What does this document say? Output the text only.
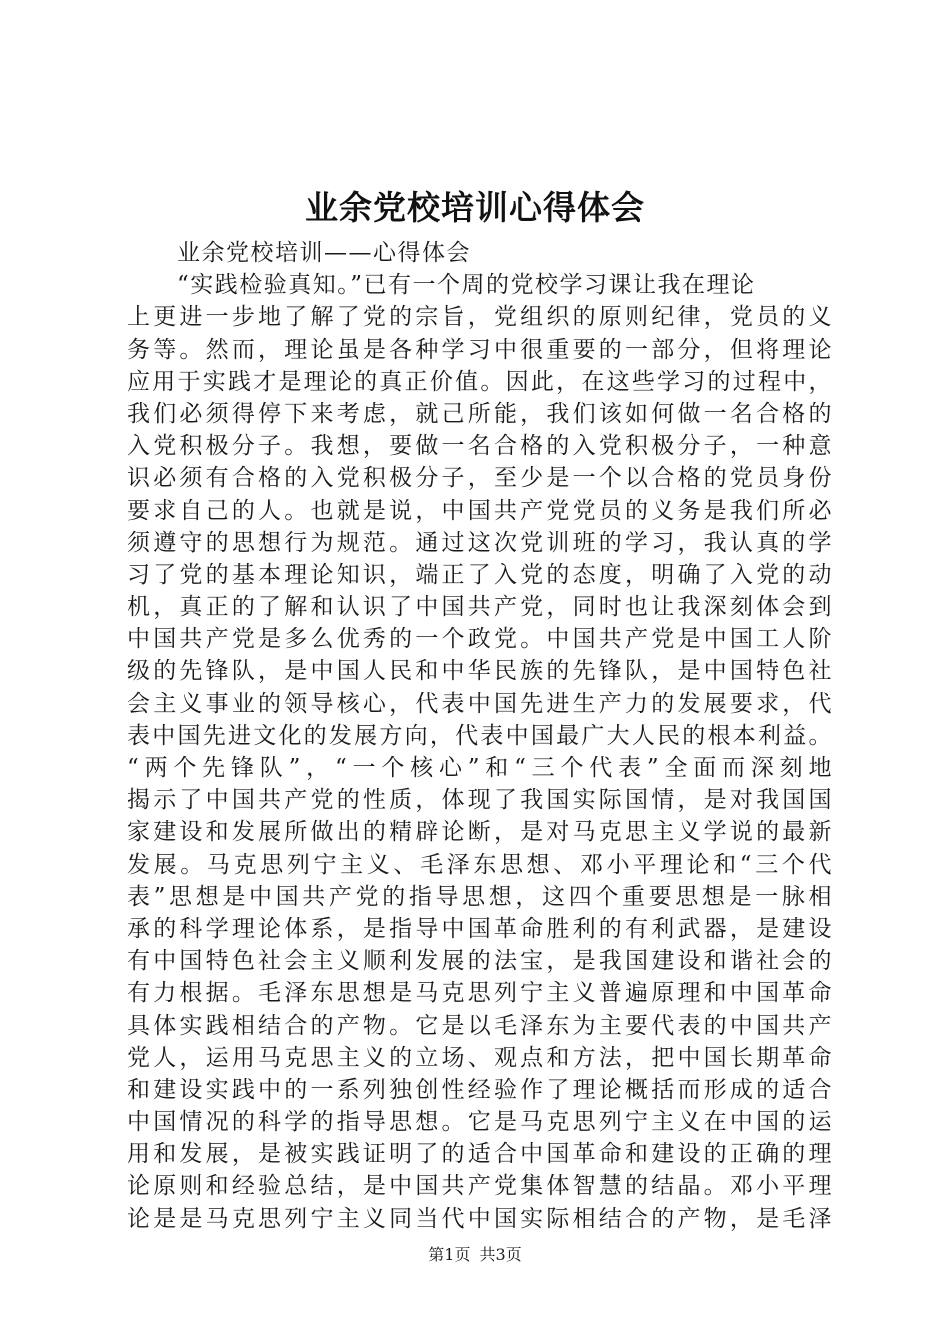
业余党校培训心得体会
业余党校培训——心得体会
“实践检验真知。”已有一个周的党校学习课让我在理论
上更进一步地了解了党的宗旨，党组织的原则纪律，党员的义
务等。然而，理论虽是各种学习中很重要的一部分，但将理论
应用于实践才是理论的真正价值。因此，在这些学习的过程中，
我们必须得停下来考虑，就己所能，我们该如何做一名合格的
入党积极分子。我想，要做一名合格的入党积极分子，一种意
识必须有合格的入党积极分子，至少是一个以合格的党员身份
要求自己的人。也就是说，中国共产党党员的义务是我们所必
须遵守的思想行为规范。通过这次党训班的学习，我认真的学
习了党的基本理论知识，端正了入党的态度，明确了入党的动
机，真正的了解和认识了中国共产党，同时也让我深刻体会到
中国共产党是多么优秀的一个政党。中国共产党是中国工人阶
级的先锋队，是中国人民和中华民族的先锋队，是中国特色社
会主义事业的领导核心，代表中国先进生产力的发展要求，代
表中国先进文化的发展方向，代表中国最广大人民的根本利益。
“两个先锋队”，“一个核心”和“三个代表”全面而深刻地
揭示了中国共产党的性质，体现了我国实际国情，是对我国国
家建设和发展所做出的精辟论断，是对马克思主义学说的最新
发展。马克思列宁主义、毛泽东思想、邓小平理论和“三个代
表”思想是中国共产党的指导思想，这四个重要思想是一脉相
承的科学理论体系，是指导中国革命胜利的有利武器，是建设
有中国特色社会主义顺利发展的法宝，是我国建设和谐社会的
有力根据。毛泽东思想是马克思列宁主义普遍原理和中国革命
具体实践相结合的产物。它是以毛泽东为主要代表的中国共产
党人，运用马克思主义的立场、观点和方法，把中国长期革命
和建设实践中的一系列独创性经验作了理论概括而形成的适合
中国情况的科学的指导思想。它是马克思列宁主义在中国的运
用和发展，是被实践证明了的适合中国革命和建设的正确的理
论原则和经验总结，是中国共产党集体智慧的结晶。邓小平理
论是是马克思列宁主义同当代中国实际相结合的产物，是毛泽
第1页 共3页
